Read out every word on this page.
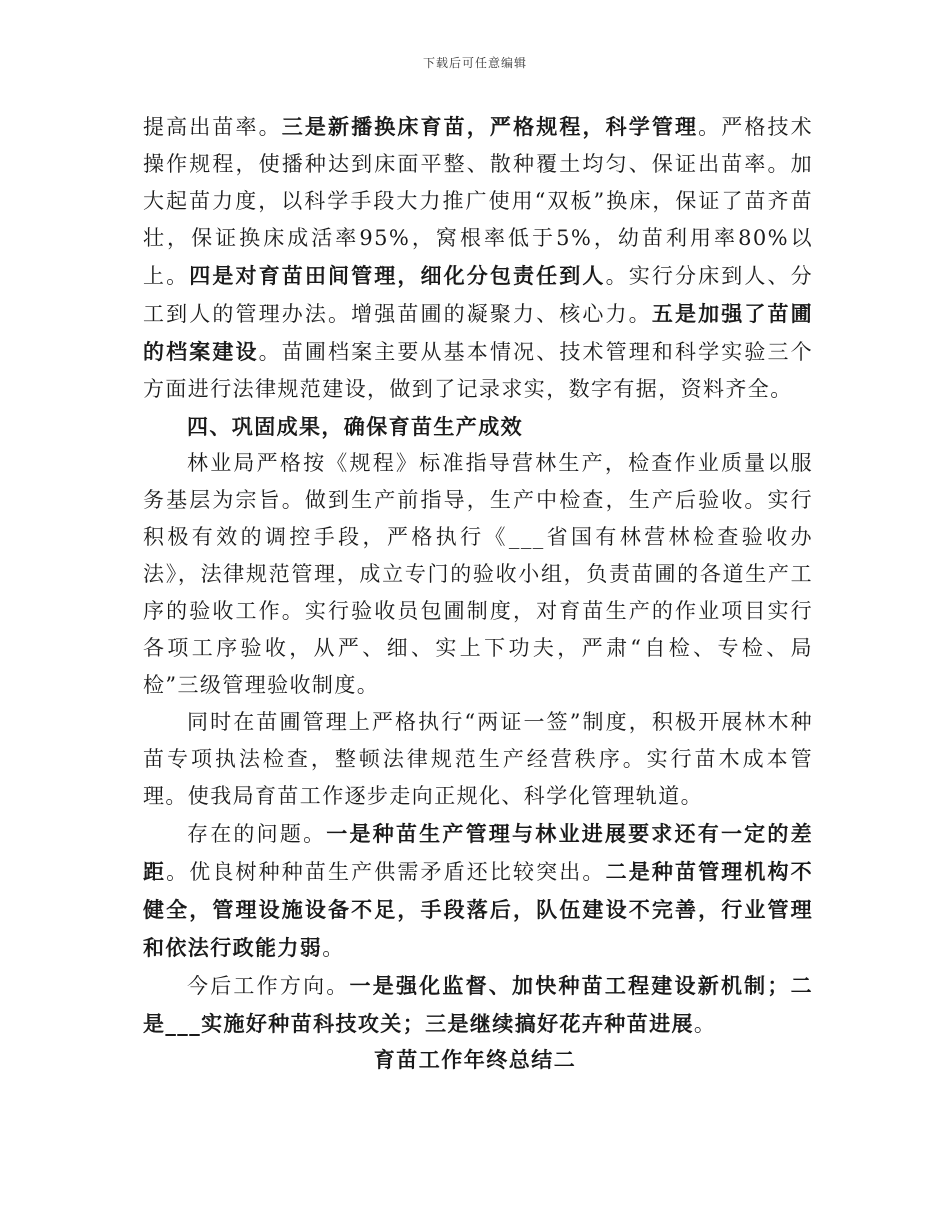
下载后可任意编辑

提高出苗率。三是新播换床育苗，严格规程，科学管理。严格技术操作规程，使播种达到床面平整、散种覆土均匀、保证出苗率。加大起苗力度，以科学手段大力推广使用“双板”换床，保证了苗齐苗壮，保证换床成活率95%，窝根率低于5%，幼苗利用率80%以上。四是对育苗田间管理，细化分包责任到人。实行分床到人、分工到人的管理办法。增强苗圃的凝聚力、核心力。五是加强了苗圃的档案建设。苗圃档案主要从基本情况、技术管理和科学实验三个方面进行法律规范建设，做到了记录求实，数字有据，资料齐全。

四、巩固成果，确保育苗生产成效

林业局严格按《规程》标准指导营林生产，检查作业质量以服务基层为宗旨。做到生产前指导，生产中检查，生产后验收。实行积极有效的调控手段，严格执行《___省国有林营林检查验收办法》，法律规范管理，成立专门的验收小组，负责苗圃的各道生产工序的验收工作。实行验收员包圃制度，对育苗生产的作业项目实行各项工序验收，从严、细、实上下功夫，严肃“自检、专检、局检”三级管理验收制度。

同时在苗圃管理上严格执行“两证一签”制度，积极开展林木种苗专项执法检查，整顿法律规范生产经营秩序。实行苗木成本管理。使我局育苗工作逐步走向正规化、科学化管理轨道。

存在的问题。一是种苗生产管理与林业进展要求还有一定的差距。优良树种种苗生产供需矛盾还比较突出。二是种苗管理机构不健全，管理设施设备不足，手段落后，队伍建设不完善，行业管理和依法行政能力弱。

今后工作方向。一是强化监督、加快种苗工程建设新机制；二是___实施好种苗科技攻关；三是继续搞好花卉种苗进展。

育苗工作年终总结二
